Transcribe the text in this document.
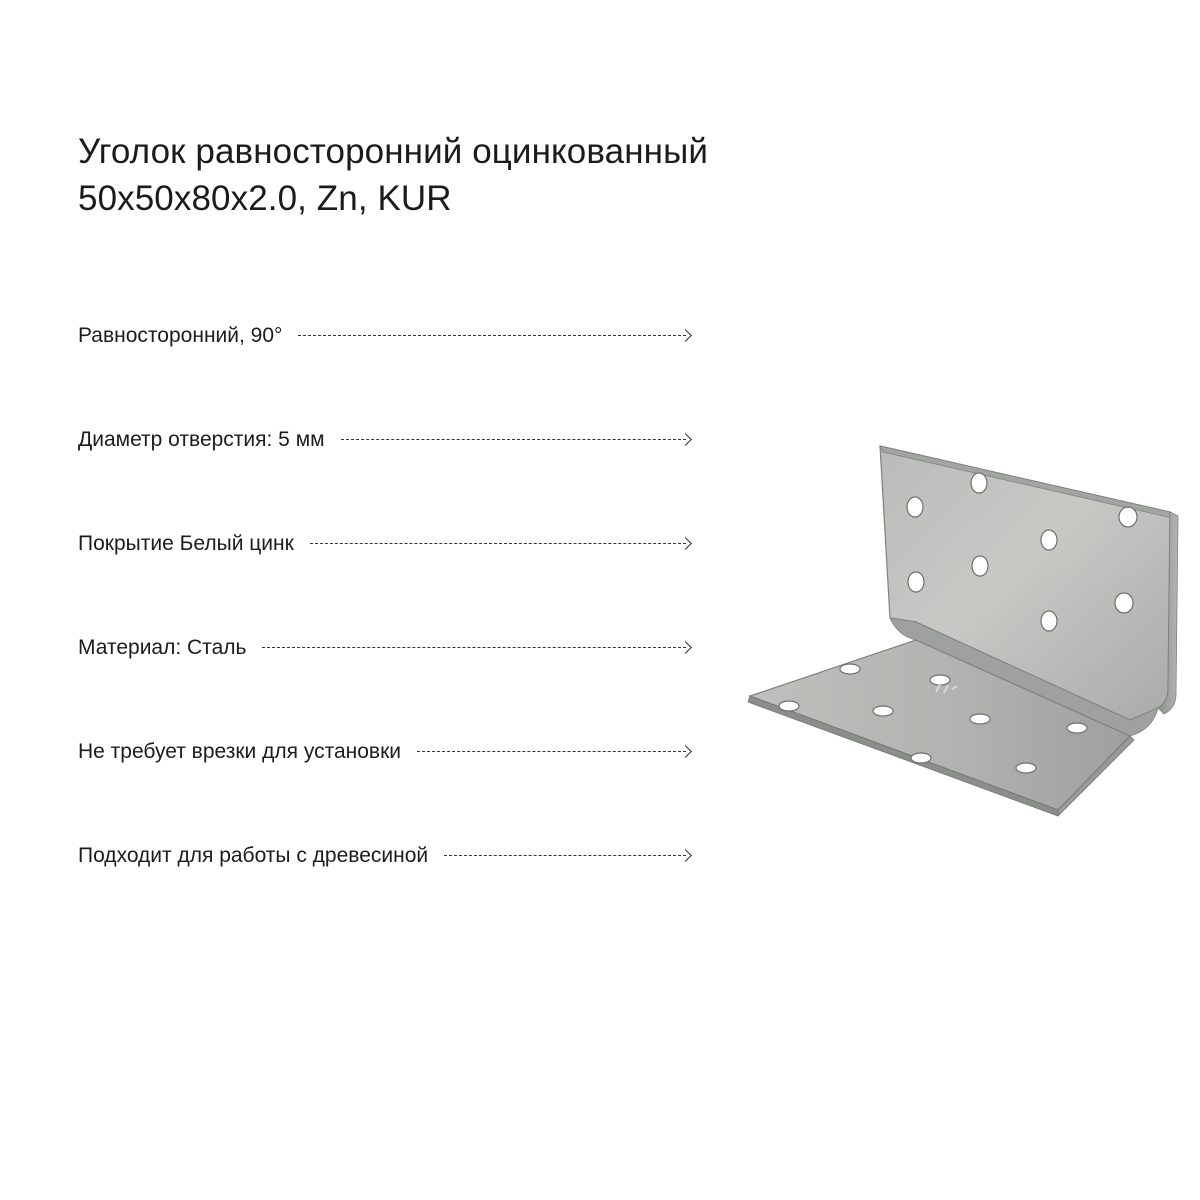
Уголок равносторонний оцинкованный
50x50x80x2.0, Zn, KUR
Равносторонний, 90°
Диаметр отверстия: 5 мм
Покрытие Белый цинк
Материал: Сталь
Не требует врезки для установки
Подходит для работы с древесиной
